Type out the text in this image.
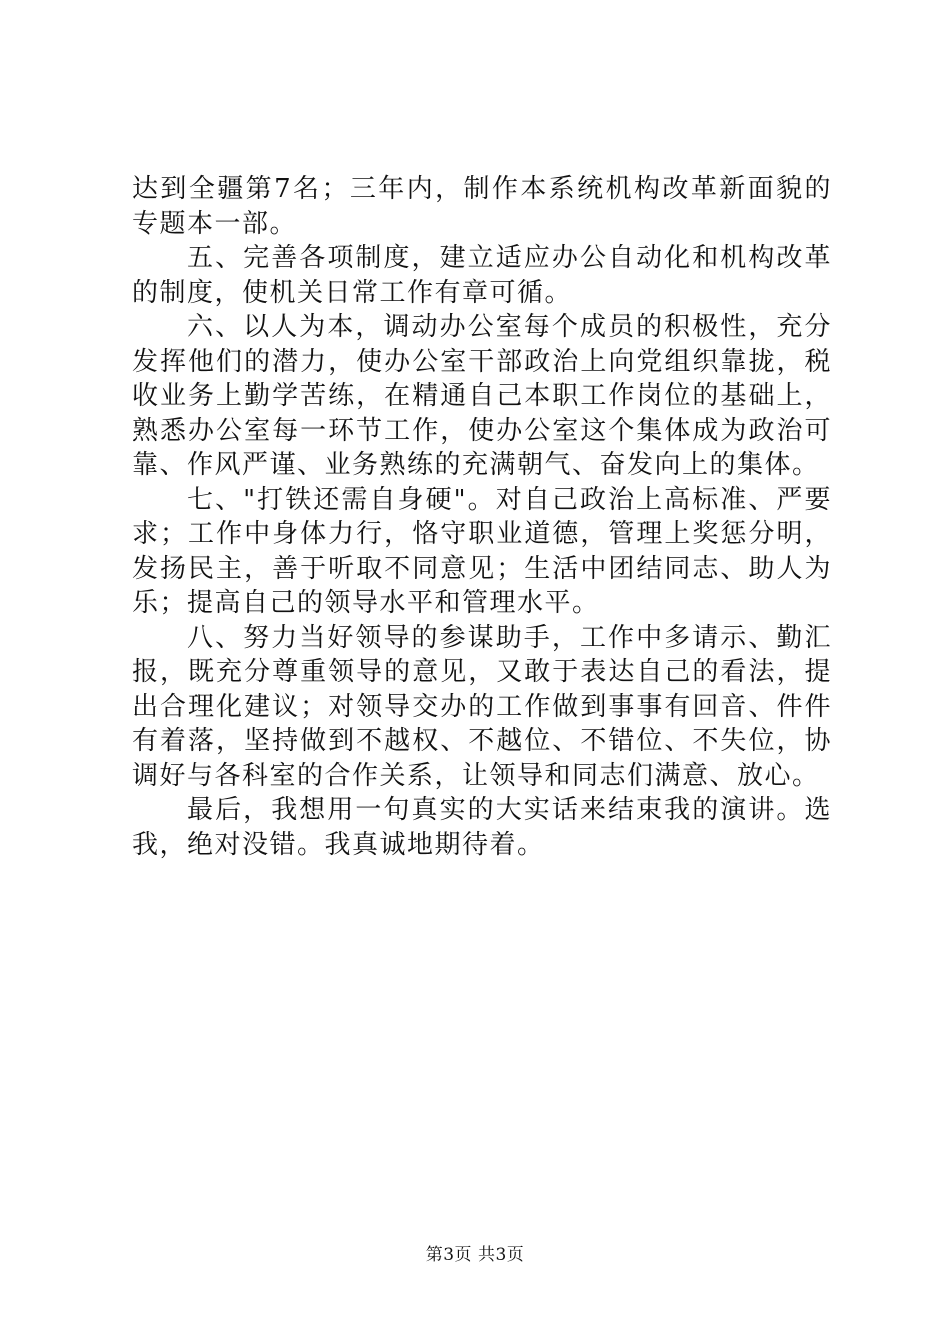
达到全疆第7名；三年内，制作本系统机构改革新面貌的专题本一部。

五、完善各项制度，建立适应办公自动化和机构改革的制度，使机关日常工作有章可循。

六、以人为本，调动办公室每个成员的积极性，充分发挥他们的潜力，使办公室干部政治上向党组织靠拢，税收业务上勤学苦练，在精通自己本职工作岗位的基础上，熟悉办公室每一环节工作，使办公室这个集体成为政治可靠、作风严谨、业务熟练的充满朝气、奋发向上的集体。

七、"打铁还需自身硬"。对自己政治上高标准、严要求；工作中身体力行，恪守职业道德，管理上奖惩分明，发扬民主，善于听取不同意见；生活中团结同志、助人为乐；提高自己的领导水平和管理水平。

八、努力当好领导的参谋助手，工作中多请示、勤汇报，既充分尊重领导的意见，又敢于表达自己的看法，提出合理化建议；对领导交办的工作做到事事有回音、件件有着落，坚持做到不越权、不越位、不错位、不失位，协调好与各科室的合作关系，让领导和同志们满意、放心。

最后，我想用一句真实的大实话来结束我的演讲。选我，绝对没错。我真诚地期待着。

第3页 共3页
